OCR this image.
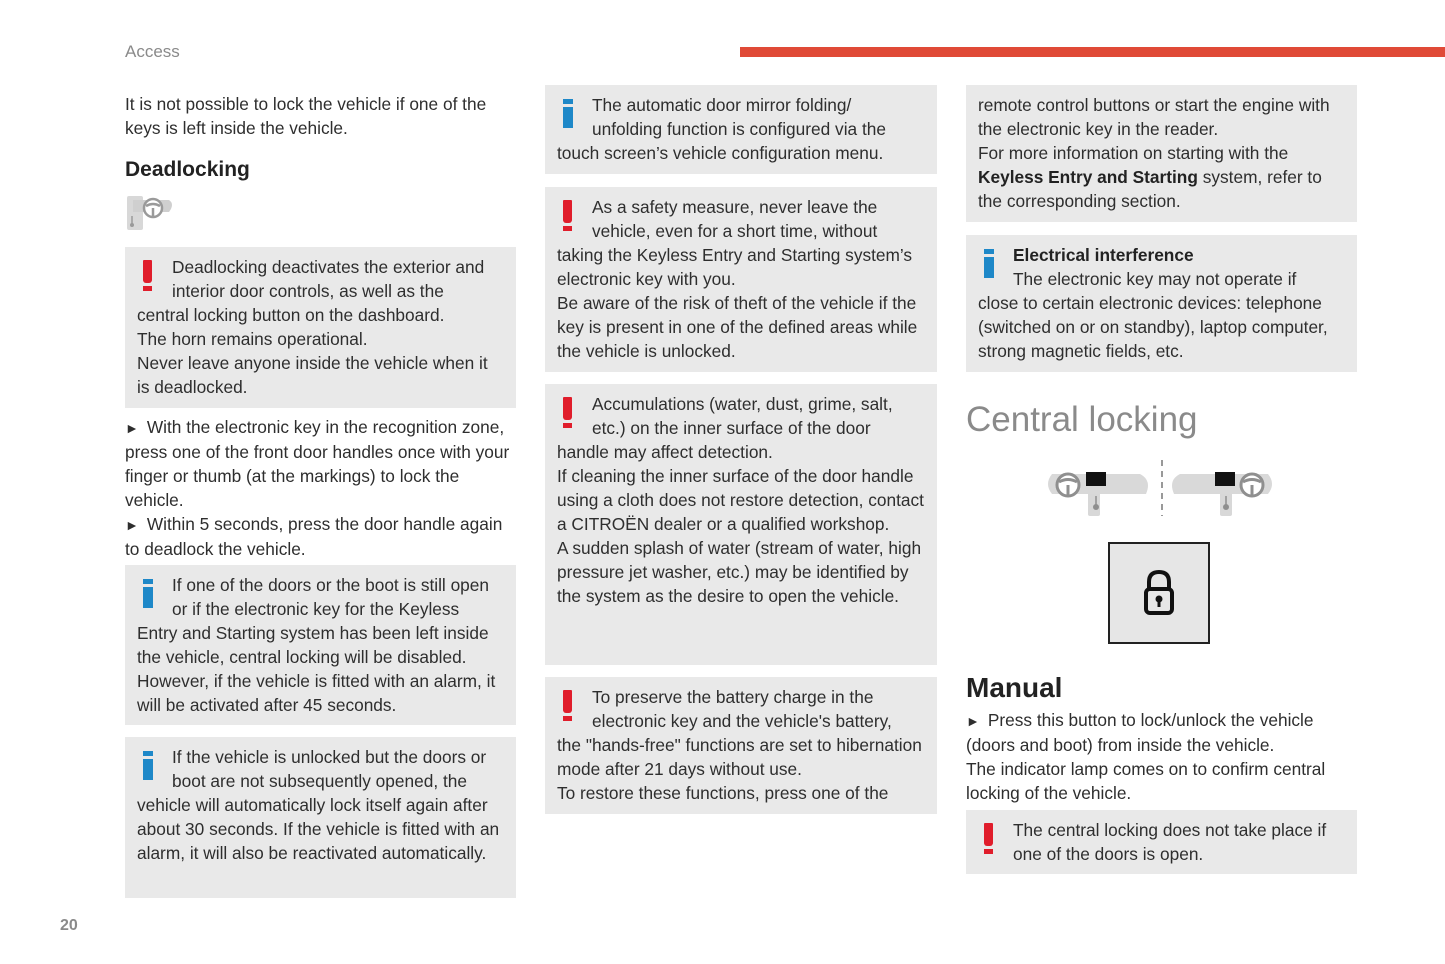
Access

It is not possible to lock the vehicle if one of the keys is left inside the vehicle.

Deadlocking
Deadlocking deactivates the exterior and
interior door controls, as well as the

central locking button on the dashboard.

The horn remains operational.

Never leave anyone inside the vehicle when it is deadlocked.

► With the electronic key in the recognition zone, press one of the front door handles once with your finger or thumb (at the markings) to lock the vehicle.

► Within 5 seconds, press the door handle again to deadlock the vehicle.

If one of the doors or the boot is still open
or if the electronic key for the Keyless

Entry and Starting system has been left inside the vehicle, central locking will be disabled.

However, if the vehicle is fitted with an alarm, it will be activated after 45 seconds.

If the vehicle is unlocked but the doors or
boot are not subsequently opened, the

vehicle will automatically lock itself again after about 30 seconds. If the vehicle is fitted with an alarm, it will also be reactivated automatically.

The automatic door mirror folding/
unfolding function is configured via the

touch screen’s vehicle configuration menu.

As a safety measure, never leave the
vehicle, even for a short time, without

taking the Keyless Entry and Starting system’s electronic key with you.

Be aware of the risk of theft of the vehicle if the key is present in one of the defined areas while the vehicle is unlocked.

Accumulations (water, dust, grime, salt,
etc.) on the inner surface of the door

handle may affect detection.

If cleaning the inner surface of the door handle using a cloth does not restore detection, contact a CITROËN dealer or a qualified workshop.

A sudden splash of water (stream of water, high pressure jet washer, etc.) may be identified by the system as the desire to open the vehicle.

To preserve the battery charge in the
electronic key and the vehicle's battery,

the "hands-free" functions are set to hibernation mode after 21 days without use.

To restore these functions, press one of the

remote control buttons or start the engine with the electronic key in the reader.

For more information on starting with the Keyless Entry and Starting system, refer to the corresponding section.

Electrical interference
The electronic key may not operate if

close to certain electronic devices: telephone (switched on or on standby), laptop computer, strong magnetic fields, etc.

Central locking
Manual

► Press this button to lock/unlock the vehicle (doors and boot) from inside the vehicle.

The indicator lamp comes on to confirm central locking of the vehicle.

The central locking does not take place if
one of the doors is open.
20
